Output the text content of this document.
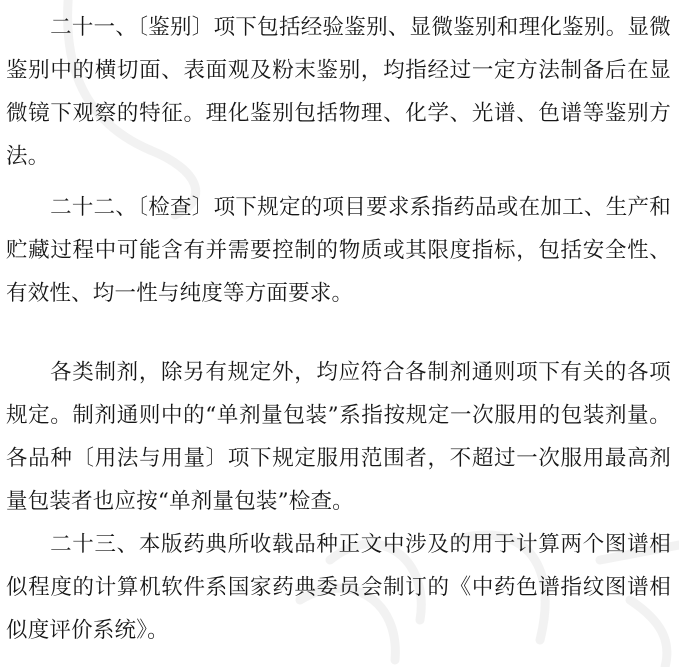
二十一、〔鉴别〕项下包括经验鉴别、显微鉴别和理化鉴别。显微鉴别中的横切面、表面观及粉末鉴别，均指经过一定方法制备后在显微镜下观察的特征。理化鉴别包括物理、化学、光谱、色谱等鉴别方法。

二十二、〔检查〕项下规定的项目要求系指药品或在加工、生产和贮藏过程中可能含有并需要控制的物质或其限度指标，包括安全性、有效性、均一性与纯度等方面要求。

各类制剂，除另有规定外，均应符合各制剂通则项下有关的各项规定。制剂通则中的“单剂量包装”系指按规定一次服用的包装剂量。各品种〔用法与用量〕项下规定服用范围者，不超过一次服用最高剂量包装者也应按“单剂量包装”检查。

二十三、本版药典所收载品种正文中涉及的用于计算两个图谱相似程度的计算机软件系国家药典委员会制订的《中药色谱指纹图谱相似度评价系统》。
